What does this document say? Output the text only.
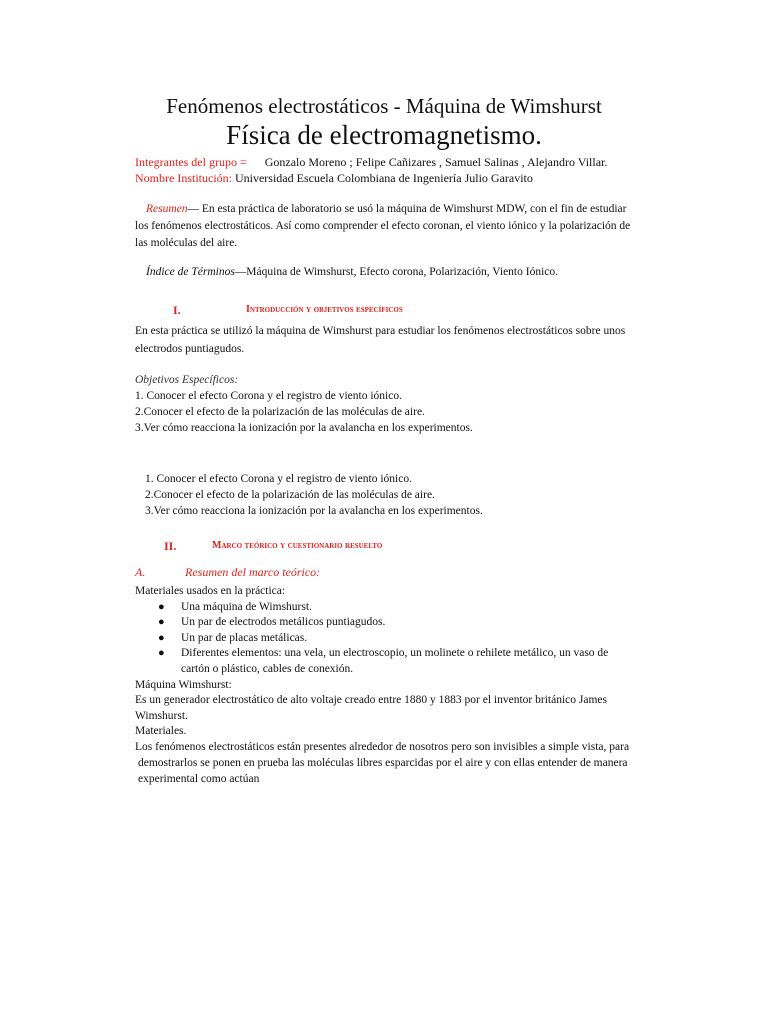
Fenómenos electrostáticos - Máquina de Wimshurst
Física de electromagnetismo.
Integrantes del grupo = Gonzalo Moreno ; Felipe Cañizares , Samuel Salinas , Alejandro Villar.
Nombre Institución: Universidad Escuela Colombiana de Ingeniería Julio Garavito
Resumen— En esta práctica de laboratorio se usó la máquina de Wimshurst MDW, con el fin de estudiar
los fenómenos electrostáticos. Así como comprender el efecto coronan, el viento iónico y la polarización de
las moléculas del aire.
Índice de Términos—Máquina de Wimshurst, Efecto corona, Polarización, Viento Iónico.
I.	Introducción y objetivos específicos
En esta práctica se utilizó la máquina de Wimshurst para estudiar los fenómenos electrostáticos sobre unos
electrodos puntiagudos.
Objetivos Específicos:
1. Conocer el efecto Corona y el registro de viento iónico.
2.Conocer el efecto de la polarización de las moléculas de aire.
3.Ver cómo reacciona la ionización por la avalancha en los experimentos.
1. Conocer el efecto Corona y el registro de viento iónico.
2.Conocer el efecto de la polarización de las moléculas de aire.
3.Ver cómo reacciona la ionización por la avalancha en los experimentos.
II.	Marco teórico y cuestionario resuelto
A.	Resumen del marco teórico:
Materiales usados en la práctica:
● Una máquina de Wimshurst.
● Un par de electrodos metálicos puntiagudos.
● Un par de placas metálicas.
● Diferentes elementos: una vela, un electroscopio, un molinete o rehilete metálico, un vaso de
cartón o plástico, cables de conexión.
Máquina Wimshurst:
Es un generador electrostático de alto voltaje creado entre 1880 y 1883 por el inventor británico James
Wimshurst.
Materiales.
Los fenómenos electrostáticos están presentes alrededor de nosotros pero son invisibles a simple vista, para
demostrarlos se ponen en prueba las moléculas libres esparcidas por el aire y con ellas entender de manera
experimental como actúan
